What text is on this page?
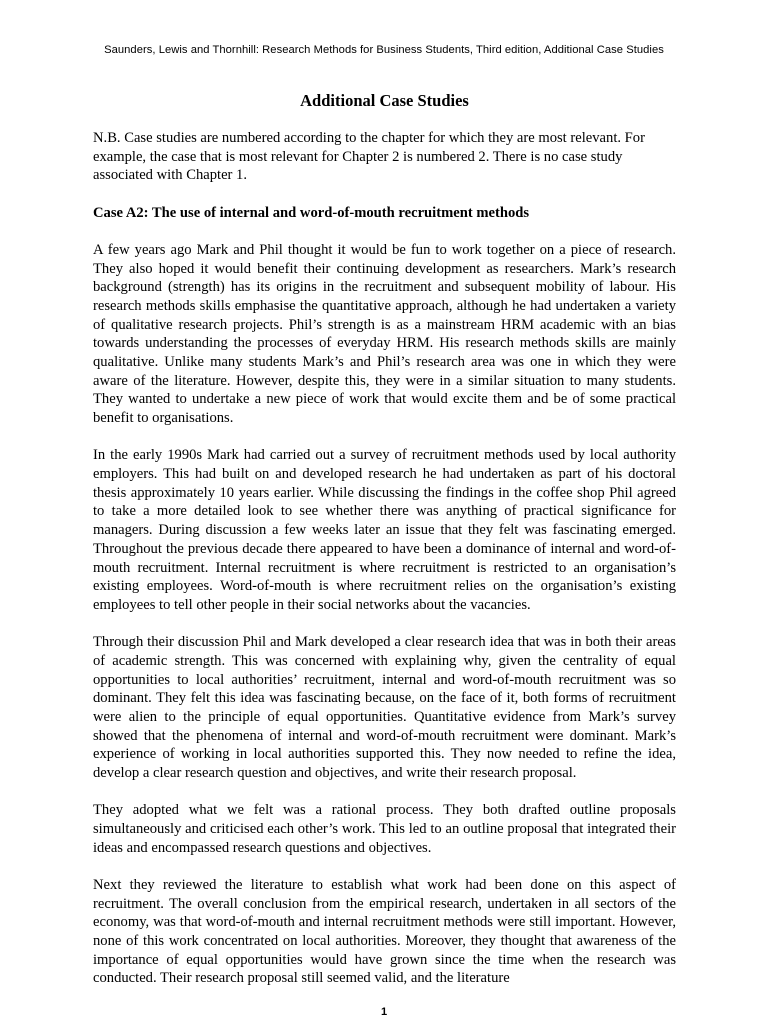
Saunders, Lewis and Thornhill: Research Methods for Business Students, Third edition, Additional Case Studies
Additional Case Studies

N.B. Case studies are numbered according to the chapter for which they are most relevant. For example, the case that is most relevant for Chapter 2 is numbered 2. There is no case study associated with Chapter 1.

Case A2: The use of internal and word-of-mouth recruitment methods

A few years ago Mark and Phil thought it would be fun to work together on a piece of research. They also hoped it would benefit their continuing development as researchers. Mark’s research background (strength) has its origins in the recruitment and subsequent mobility of labour. His research methods skills emphasise the quantitative approach, although he had undertaken a variety of qualitative research projects. Phil’s strength is as a mainstream HRM academic with an bias towards understanding the processes of everyday HRM. His research methods skills are mainly qualitative. Unlike many students Mark’s and Phil’s research area was one in which they were aware of the literature. However, despite this, they were in a similar situation to many students. They wanted to undertake a new piece of work that would excite them and be of some practical benefit to organisations.

In the early 1990s Mark had carried out a survey of recruitment methods used by local authority employers. This had built on and developed research he had undertaken as part of his doctoral thesis approximately 10 years earlier. While discussing the findings in the coffee shop Phil agreed to take a more detailed look to see whether there was anything of practical significance for managers. During discussion a few weeks later an issue that they felt was fascinating emerged. Throughout the previous decade there appeared to have been a dominance of internal and word-of-mouth recruitment. Internal recruitment is where recruitment is restricted to an organisation’s existing employees. Word-of-mouth is where recruitment relies on the organisation’s existing employees to tell other people in their social networks about the vacancies.

Through their discussion Phil and Mark developed a clear research idea that was in both their areas of academic strength. This was concerned with explaining why, given the centrality of equal opportunities to local authorities’ recruitment, internal and word-of-mouth recruitment was so dominant. They felt this idea was fascinating because, on the face of it, both forms of recruitment were alien to the principle of equal opportunities. Quantitative evidence from Mark’s survey showed that the phenomena of internal and word-of-mouth recruitment were dominant. Mark’s experience of working in local authorities supported this. They now needed to refine the idea, develop a clear research question and objectives, and write their research proposal.

They adopted what we felt was a rational process. They both drafted outline proposals simultaneously and criticised each other’s work. This led to an outline proposal that integrated their ideas and encompassed research questions and objectives.

Next they reviewed the literature to establish what work had been done on this aspect of recruitment. The overall conclusion from the empirical research, undertaken in all sectors of the economy, was that word-of-mouth and internal recruitment methods were still important. However, none of this work concentrated on local authorities. Moreover, they thought that awareness of the importance of equal opportunities would have grown since the time when the research was conducted. Their research proposal still seemed valid, and the literature

1
